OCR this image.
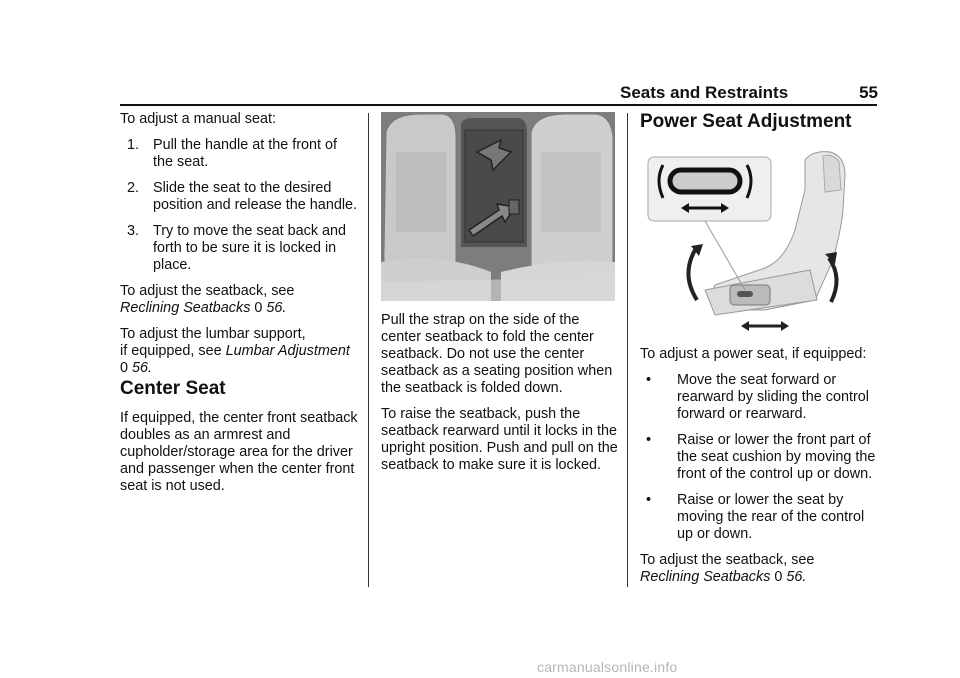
Seats and Restraints	55

To adjust a manual seat:

1. Pull the handle at the front of the seat.
2. Slide the seat to the desired position and release the handle.
3. Try to move the seat back and forth to be sure it is locked in place.

To adjust the seatback, see
Reclining Seatbacks 0 56.

To adjust the lumbar support,
if equipped, see Lumbar Adjustment
0 56.

Center Seat

If equipped, the center front seatback doubles as an armrest and cupholder/storage area for the driver and passenger when the center front seat is not used.

Pull the strap on the side of the center seatback to fold the center seatback. Do not use the center seatback as a seating position when the seatback is folded down.

To raise the seatback, push the seatback rearward until it locks in the upright position. Push and pull on the seatback to make sure it is locked.

Power Seat Adjustment

To adjust a power seat, if equipped:

• Move the seat forward or rearward by sliding the control forward or rearward.
• Raise or lower the front part of the seat cushion by moving the front of the control up or down.
• Raise or lower the seat by moving the rear of the control up or down.

To adjust the seatback, see
Reclining Seatbacks 0 56.

carmanualsonline.info
